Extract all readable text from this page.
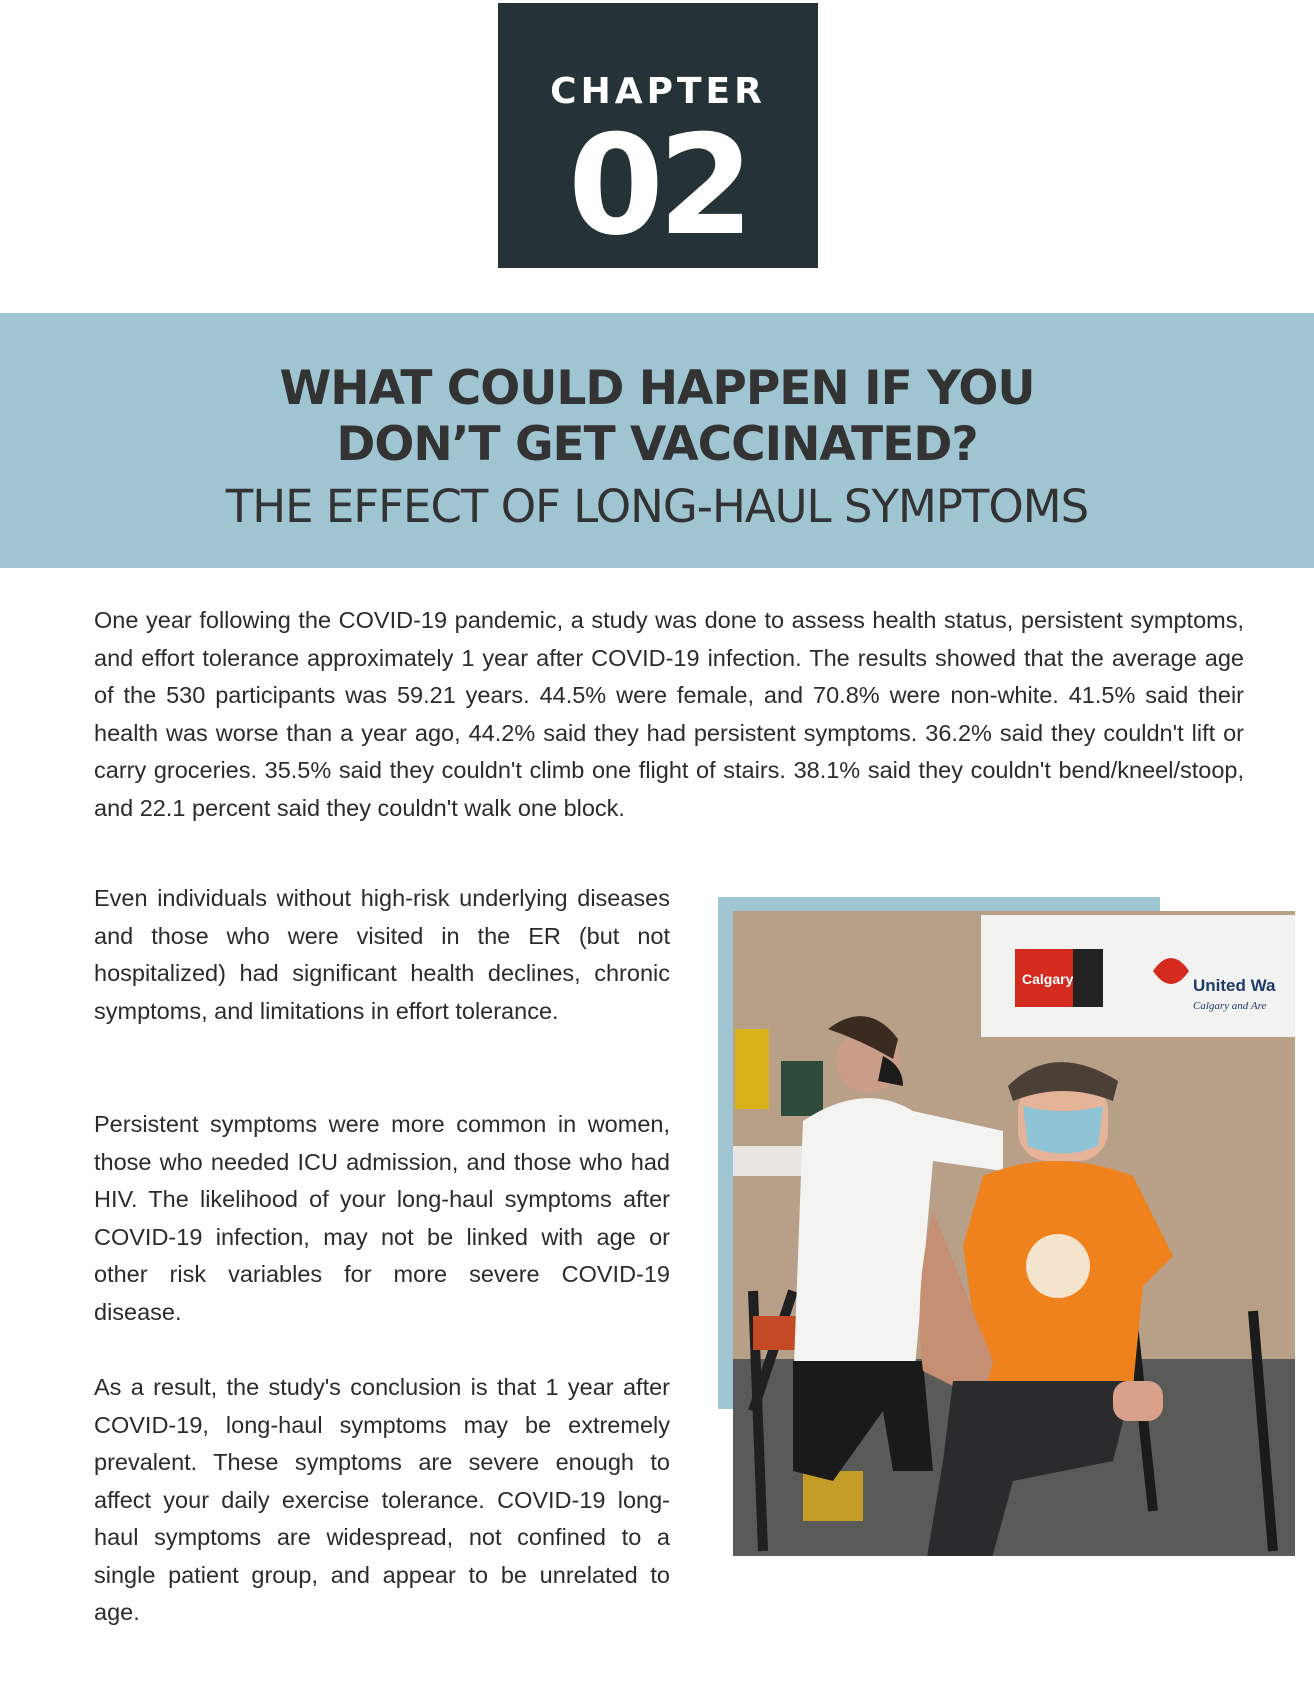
CHAPTER
02
WHAT COULD HAPPEN IF YOU
DON’T GET VACCINATED?
THE EFFECT OF LONG-HAUL SYMPTOMS

One year following the COVID-19 pandemic, a study was done to assess health status, persistent symptoms, and effort tolerance approximately 1 year after COVID-19 infection. The results showed that the average age of the 530 participants was 59.21 years. 44.5% were female, and 70.8% were non-white. 41.5% said their health was worse than a year ago, 44.2% said they had persistent symptoms. 36.2% said they couldn't lift or carry groceries. 35.5% said they couldn't climb one flight of stairs. 38.1% said they couldn't bend/kneel/stoop, and 22.1 percent said they couldn't walk one block.

Even individuals without high-risk underlying diseases and those who were visited in the ER (but not hospitalized) had significant health declines, chronic symptoms, and limitations in effort tolerance.

Persistent symptoms were more common in women, those who needed ICU admission, and those who had HIV. The likelihood of your long-haul symptoms after COVID-19 infection, may not be linked with age or other risk variables for more severe COVID-19 disease.

As a result, the study's conclusion is that 1 year after COVID-19, long-haul symptoms may be extremely prevalent. These symptoms are severe enough to affect your daily exercise tolerance. COVID-19 long-haul symptoms are widespread, not confined to a single patient group, and appear to be unrelated to age.

Calgary	United Wa
Calgary and Are
